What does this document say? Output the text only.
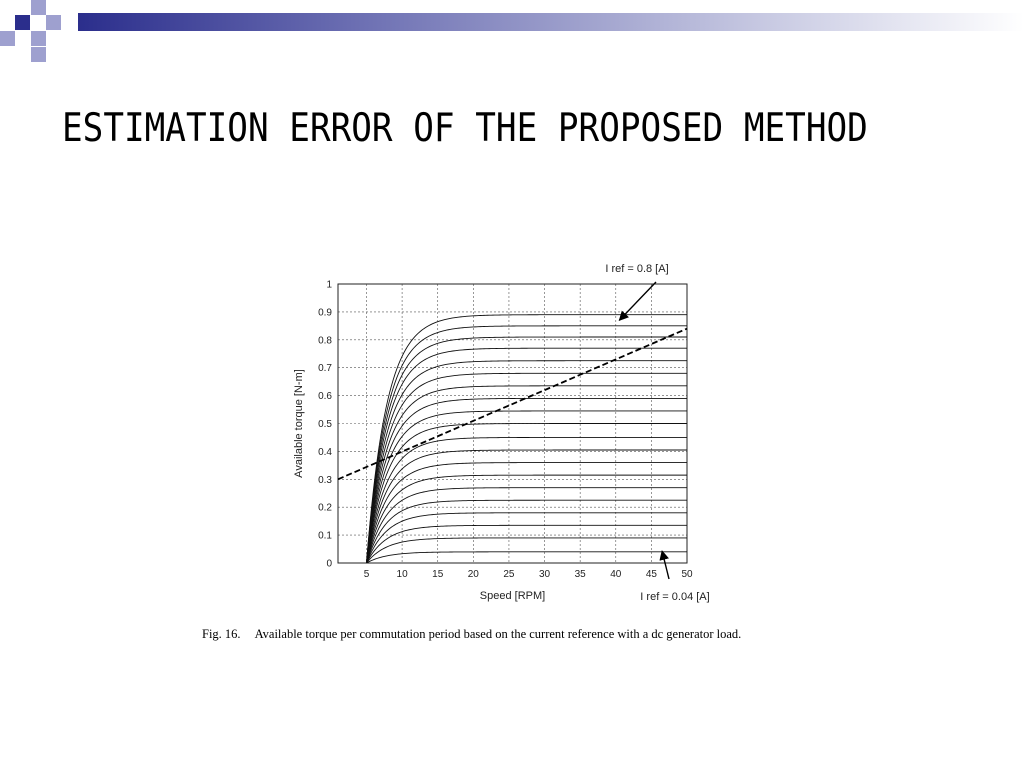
ESTIMATION ERROR OF THE PROPOSED METHOD
5	10 15 20 25 30 35 40 45 50
0
0.1
0.2
0.3
0.4
0.5
0.6
0.7
0.8
0.9
1
Speed [RPM]
Available torque [N-m]
I ref = 0.8 [A]
I ref = 0.04 [A]
Fig. 16. Available torque per commutation period based on the current reference with a dc generator load.
